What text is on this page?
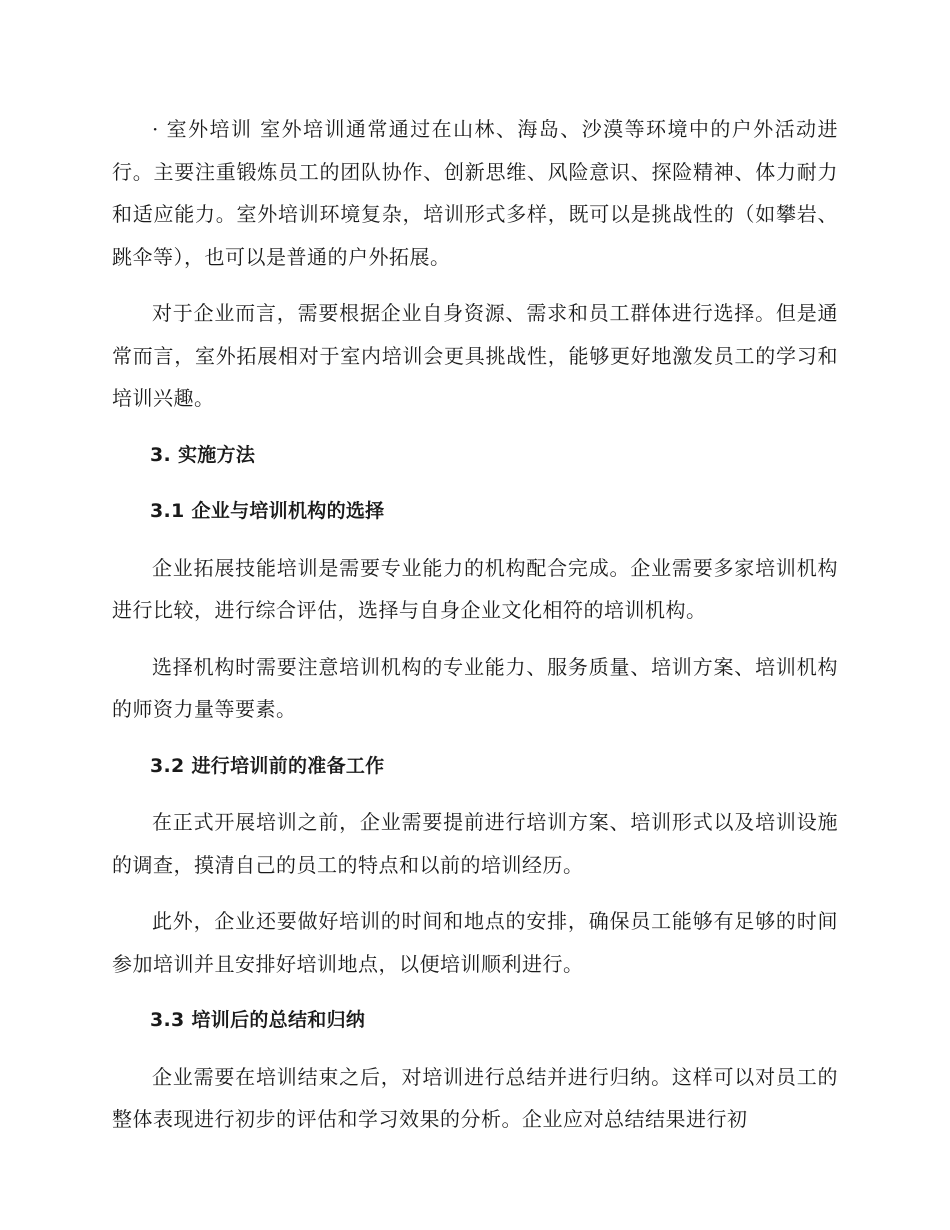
· 室外培训 室外培训通常通过在山林、海岛、沙漠等环境中的户外活动进行。主要注重锻炼员工的团队协作、创新思维、风险意识、探险精神、体力耐力和适应能力。室外培训环境复杂，培训形式多样，既可以是挑战性的（如攀岩、跳伞等），也可以是普通的户外拓展。

对于企业而言，需要根据企业自身资源、需求和员工群体进行选择。但是通常而言，室外拓展相对于室内培训会更具挑战性，能够更好地激发员工的学习和培训兴趣。

3. 实施方法

3.1 企业与培训机构的选择

企业拓展技能培训是需要专业能力的机构配合完成。企业需要多家培训机构进行比较，进行综合评估，选择与自身企业文化相符的培训机构。

选择机构时需要注意培训机构的专业能力、服务质量、培训方案、培训机构的师资力量等要素。

3.2 进行培训前的准备工作

在正式开展培训之前，企业需要提前进行培训方案、培训形式以及培训设施的调查，摸清自己的员工的特点和以前的培训经历。

此外，企业还要做好培训的时间和地点的安排，确保员工能够有足够的时间参加培训并且安排好培训地点，以便培训顺利进行。

3.3 培训后的总结和归纳

企业需要在培训结束之后，对培训进行总结并进行归纳。这样可以对员工的整体表现进行初步的评估和学习效果的分析。企业应对总结结果进行初
